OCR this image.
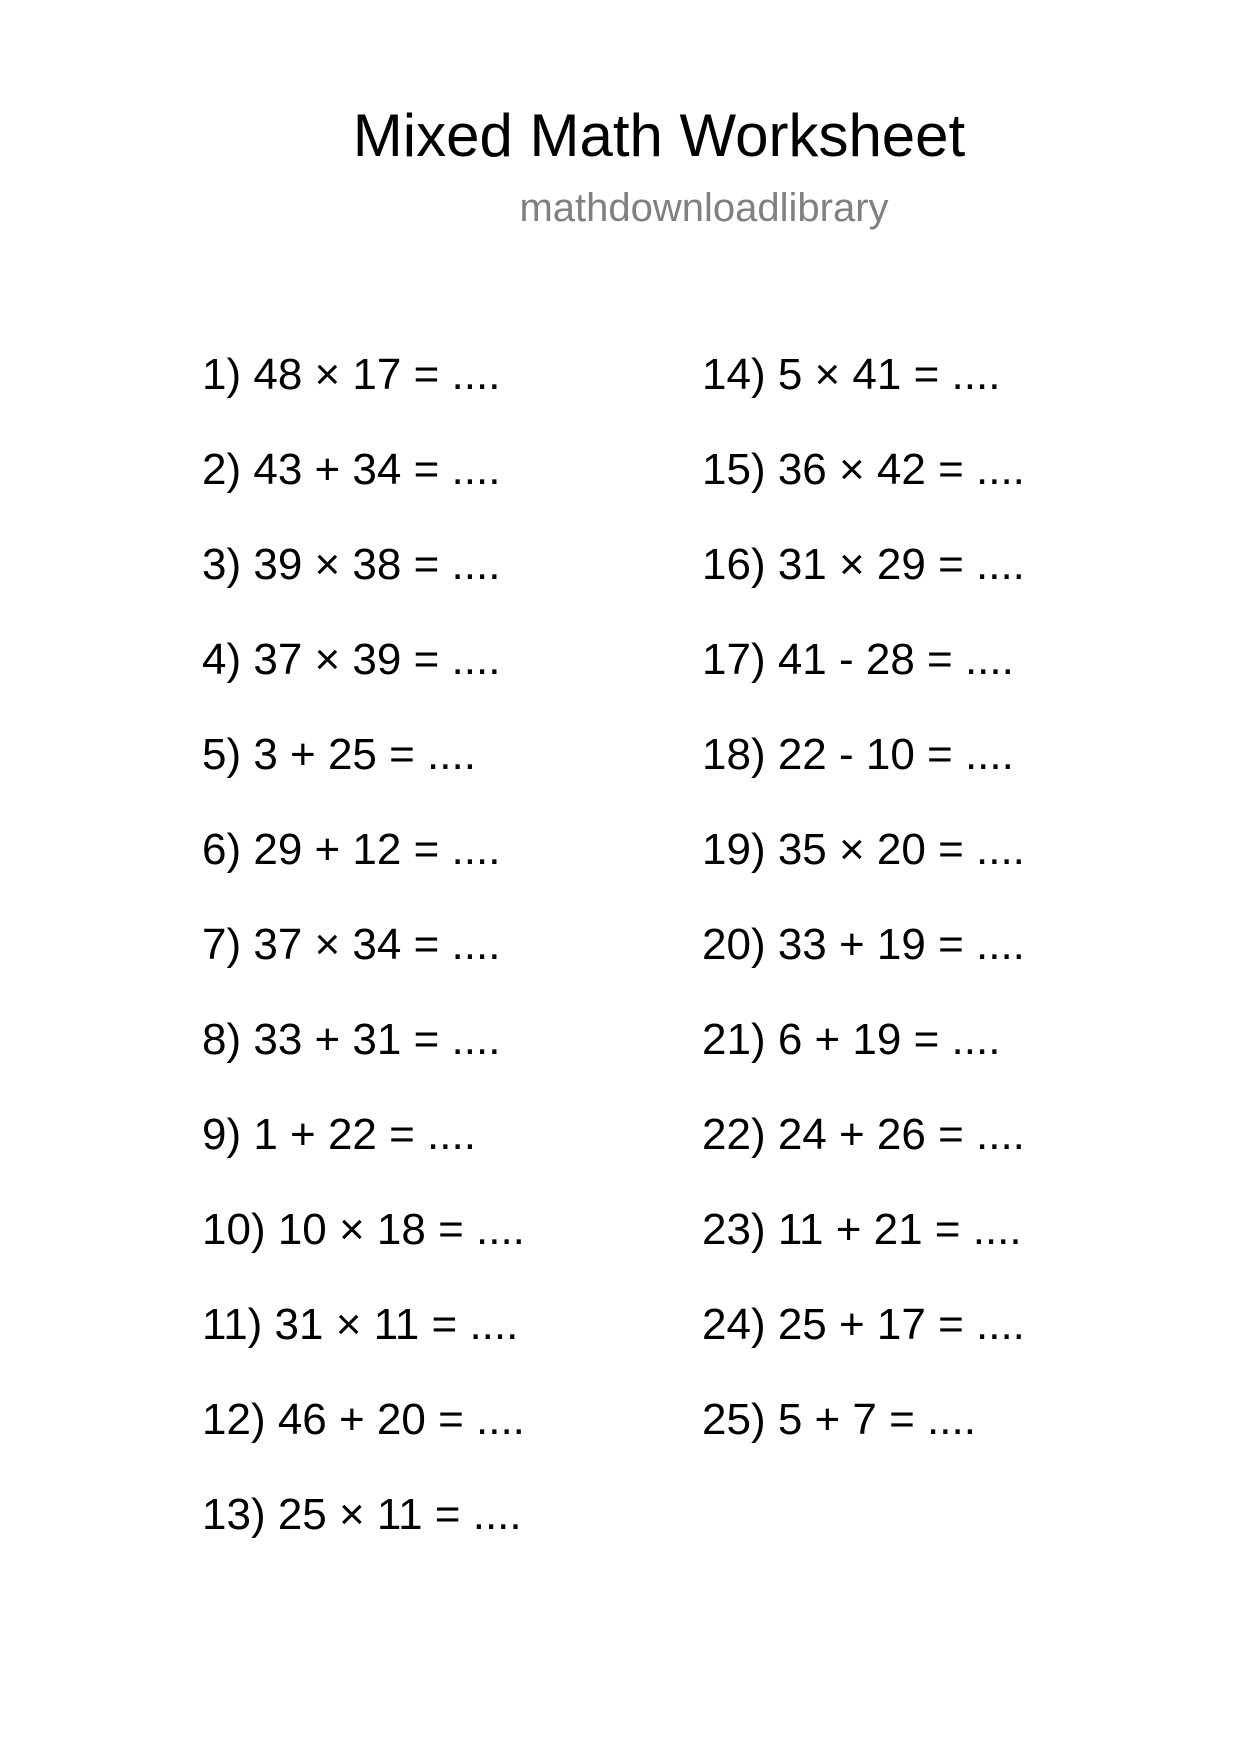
Mixed Math Worksheet
mathdownloadlibrary
1) 48 × 17 = ....
2) 43 + 34 = ....
3) 39 × 38 = ....
4) 37 × 39 = ....
5) 3 + 25 = ....
6) 29 + 12 = ....
7) 37 × 34 = ....
8) 33 + 31 = ....
9) 1 + 22 = ....
10) 10 × 18 = ....
11) 31 × 11 = ....
12) 46 + 20 = ....
13) 25 × 11 = ....
14) 5 × 41 = ....
15) 36 × 42 = ....
16) 31 × 29 = ....
17) 41 - 28 = ....
18) 22 - 10 = ....
19) 35 × 20 = ....
20) 33 + 19 = ....
21) 6 + 19 = ....
22) 24 + 26 = ....
23) 11 + 21 = ....
24) 25 + 17 = ....
25) 5 + 7 = ....
